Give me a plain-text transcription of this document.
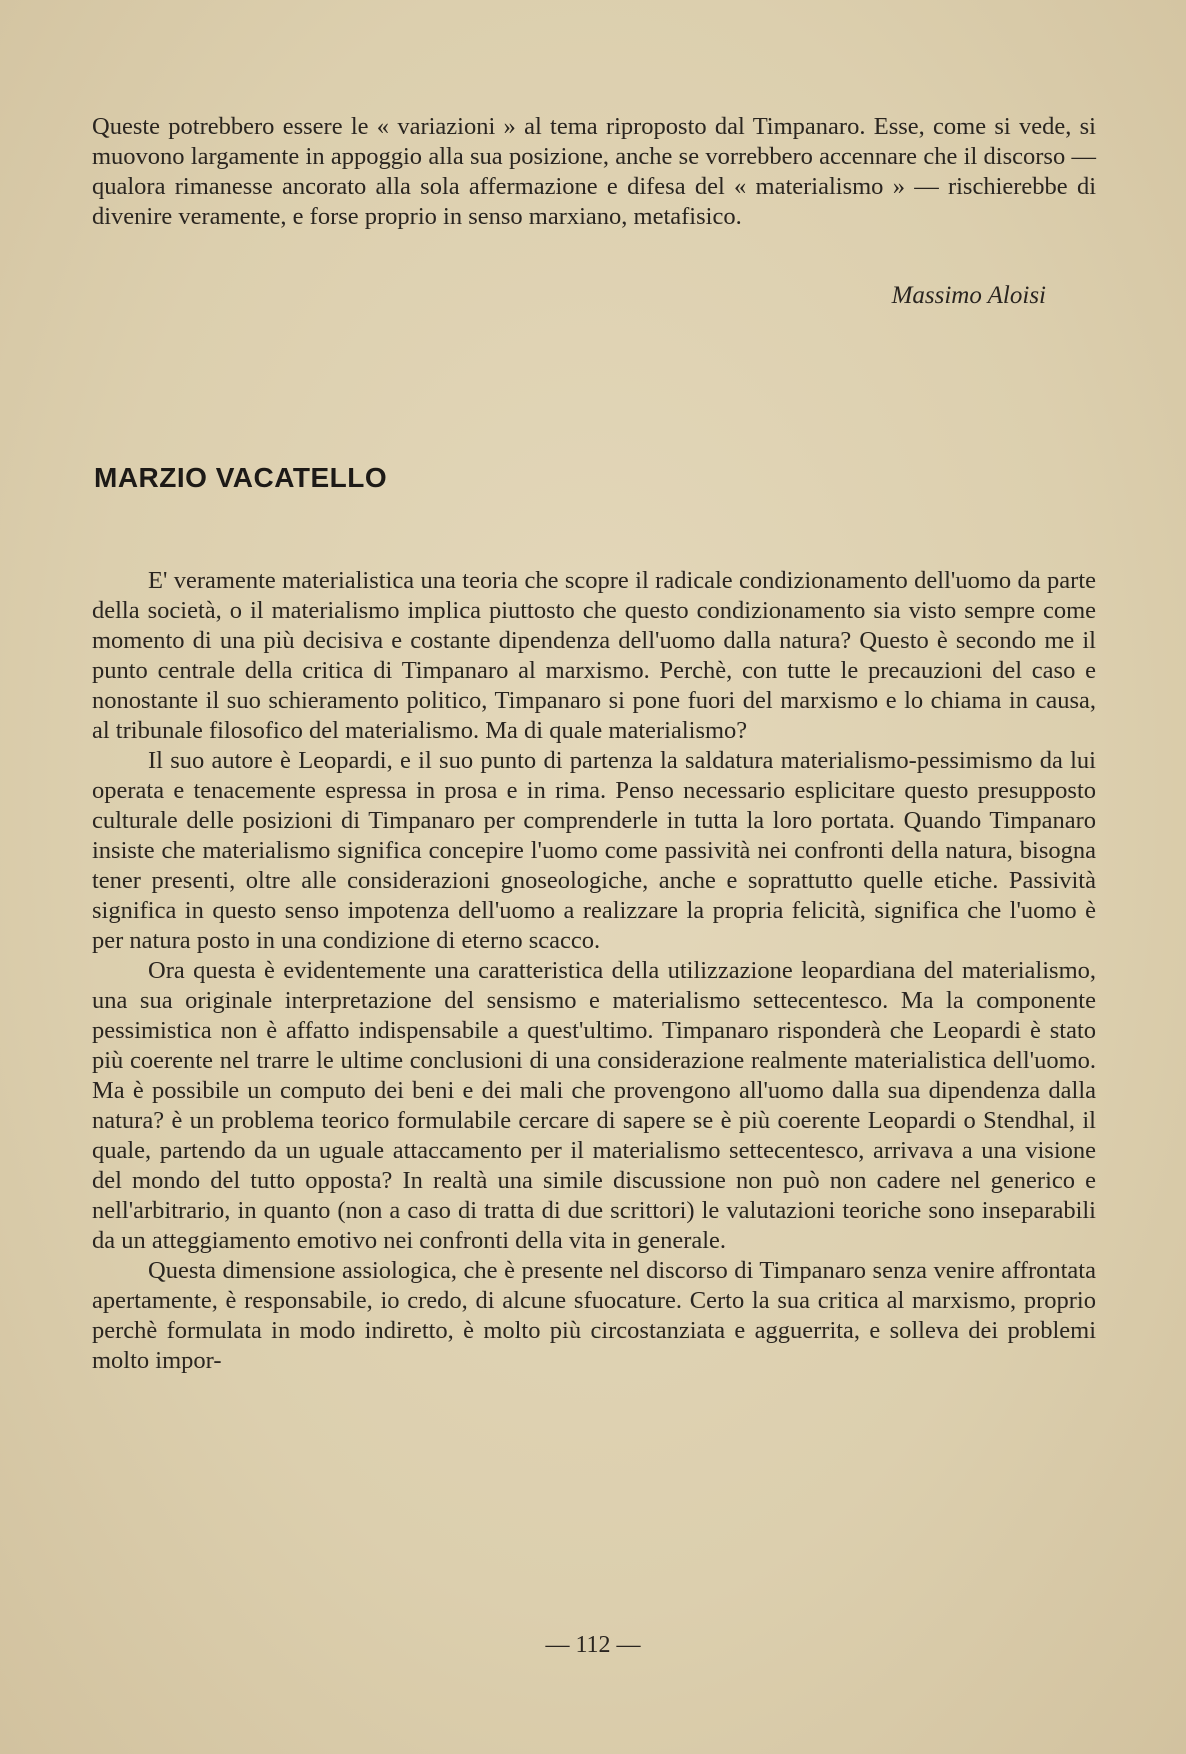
Queste potrebbero essere le « variazioni » al tema riproposto dal Timpanaro. Esse, come si vede, si muovono largamente in appoggio alla sua posizione, anche se vorrebbero accennare che il discorso — qualora rimanesse ancorato alla sola affermazione e difesa del « materialismo » — rischierebbe di divenire veramente, e forse proprio in senso marxiano, metafisico.

Massimo Aloisi
MARZIO VACATELLO

E' veramente materialistica una teoria che scopre il radicale condizionamento dell'uomo da parte della società, o il materialismo implica piuttosto che questo condizionamento sia visto sempre come momento di una più decisiva e costante dipendenza dell'uomo dalla natura? Questo è secondo me il punto centrale della critica di Timpanaro al marxismo. Perchè, con tutte le precauzioni del caso e nonostante il suo schieramento politico, Timpanaro si pone fuori del marxismo e lo chiama in causa, al tribunale filosofico del materialismo. Ma di quale materialismo?

Il suo autore è Leopardi, e il suo punto di partenza la saldatura materialismo-pessimismo da lui operata e tenacemente espressa in prosa e in rima. Penso necessario esplicitare questo presupposto culturale delle posizioni di Timpanaro per comprenderle in tutta la loro portata. Quando Timpanaro insiste che materialismo significa concepire l'uomo come passività nei confronti della natura, bisogna tener presenti, oltre alle considerazioni gnoseologiche, anche e soprattutto quelle etiche. Passività significa in questo senso impotenza dell'uomo a realizzare la propria felicità, significa che l'uomo è per natura posto in una condizione di eterno scacco.

Ora questa è evidentemente una caratteristica della utilizzazione leopardiana del materialismo, una sua originale interpretazione del sensismo e materialismo settecentesco. Ma la componente pessimistica non è affatto indispensabile a quest'ultimo. Timpanaro risponderà che Leopardi è stato più coerente nel trarre le ultime conclusioni di una considerazione realmente materialistica dell'uomo. Ma è possibile un computo dei beni e dei mali che provengono all'uomo dalla sua dipendenza dalla natura? è un problema teorico formulabile cercare di sapere se è più coerente Leopardi o Stendhal, il quale, partendo da un uguale attaccamento per il materialismo settecentesco, arrivava a una visione del mondo del tutto opposta? In realtà una simile discussione non può non cadere nel generico e nell'arbitrario, in quanto (non a caso di tratta di due scrittori) le valutazioni teoriche sono inseparabili da un atteggiamento emotivo nei confronti della vita in generale.

Questa dimensione assiologica, che è presente nel discorso di Timpanaro senza venire affrontata apertamente, è responsabile, io credo, di alcune sfuocature. Certo la sua critica al marxismo, proprio perchè formulata in modo indiretto, è molto più circostanziata e agguerrita, e solleva dei problemi molto impor-

— 112 —
